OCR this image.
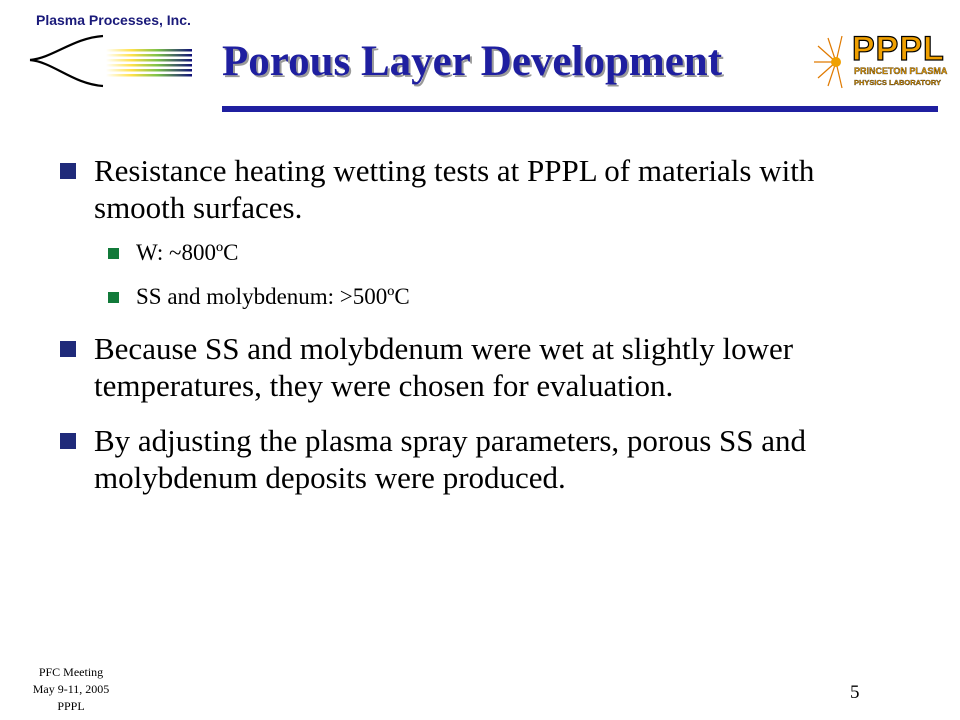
Plasma Processes, Inc.
Porous Layer Development	PPPL
PRINCETON PLASMA
PHYSICS LABORATORY
Resistance heating wetting tests at PPPL of materials with smooth surfaces.
W: ~800ºC
SS and molybdenum: >500ºC
Because SS and molybdenum were wet at slightly lower temperatures, they were chosen for evaluation.
By adjusting the plasma spray parameters, porous SS and molybdenum deposits were produced.
PFC Meeting
May 9-11, 2005
PPPL
5
